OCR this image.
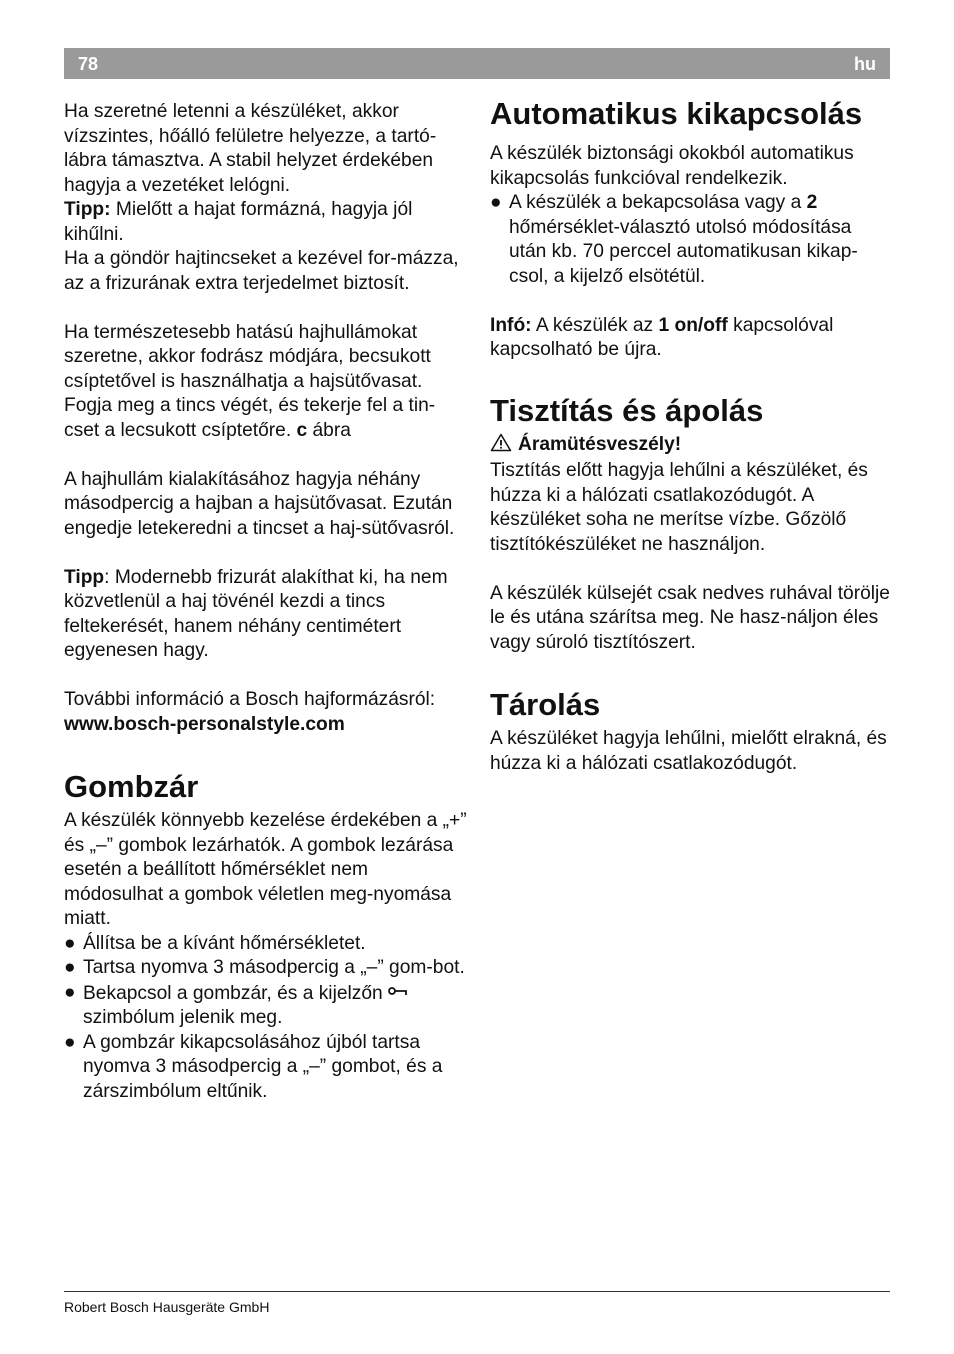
78	hu

Ha szeretné letenni a készüléket, akkor vízszintes, hőálló felületre helyezze, a tartó-lábra támasztva. A stabil helyzet érdekében hagyja a vezetéket lelógni.

Tipp: Mielőtt a hajat formázná, hagyja jól kihűlni.

Ha a göndör hajtincseket a kezével for-mázza, az a frizurának extra terjedelmet biztosít.

Ha természetesebb hatású hajhullámokat szeretne, akkor fodrász módjára, becsukott csíptetővel is használhatja a hajsütővasat. Fogja meg a tincs végét, és tekerje fel a tin-cset a lecsukott csíptetőre. c ábra

A hajhullám kialakításához hagyja néhány másodpercig a hajban a hajsütővasat. Ezután engedje letekeredni a tincset a haj-sütővasról.

Tipp: Modernebb frizurát alakíthat ki, ha nem közvetlenül a haj tövénél kezdi a tincs feltekerését, hanem néhány centimétert egyenesen hagy.

További információ a Bosch hajformázásról:

www.bosch-personalstyle.com

Gombzár

A készülék könnyebb kezelése érdekében a „+” és „–” gombok lezárhatók. A gombok lezárása esetén a beállított hőmérséklet nem módosulhat a gombok véletlen meg-nyomása miatt.

● Állítsa be a kívánt hőmérsékletet.
● Tartsa nyomva 3 másodpercig a „–” gom-bot.
● Bekapcsol a gombzár, és a kijelzőn  szimbólum jelenik meg.
● A gombzár kikapcsolásához újból tartsa nyomva 3 másodpercig a „–” gombot, és a zárszimbólum eltűnik.
Automatikus kikapcsolás

A készülék biztonsági okokból automatikus kikapcsolás funkcióval rendelkezik.

● A készülék a bekapcsolása vagy a 2 hőmérséklet-választó utolsó módosítása után kb. 70 perccel automatikusan kikap-csol, a kijelző elsötétül.

Infó: A készülék az 1 on/off kapcsolóval kapcsolható be újra.

Tisztítás és ápolás

Áramütésveszély!

Tisztítás előtt hagyja lehűlni a készüléket, és húzza ki a hálózati csatlakozódugót. A készüléket soha ne merítse vízbe. Gőzölő tisztítókészüléket ne használjon.

A készülék külsejét csak nedves ruhával törölje le és utána szárítsa meg. Ne hasz-náljon éles vagy súroló tisztítószert.

Tárolás

A készüléket hagyja lehűlni, mielőtt elrakná, és húzza ki a hálózati csatlakozódugót.

Robert Bosch Hausgeräte GmbH
